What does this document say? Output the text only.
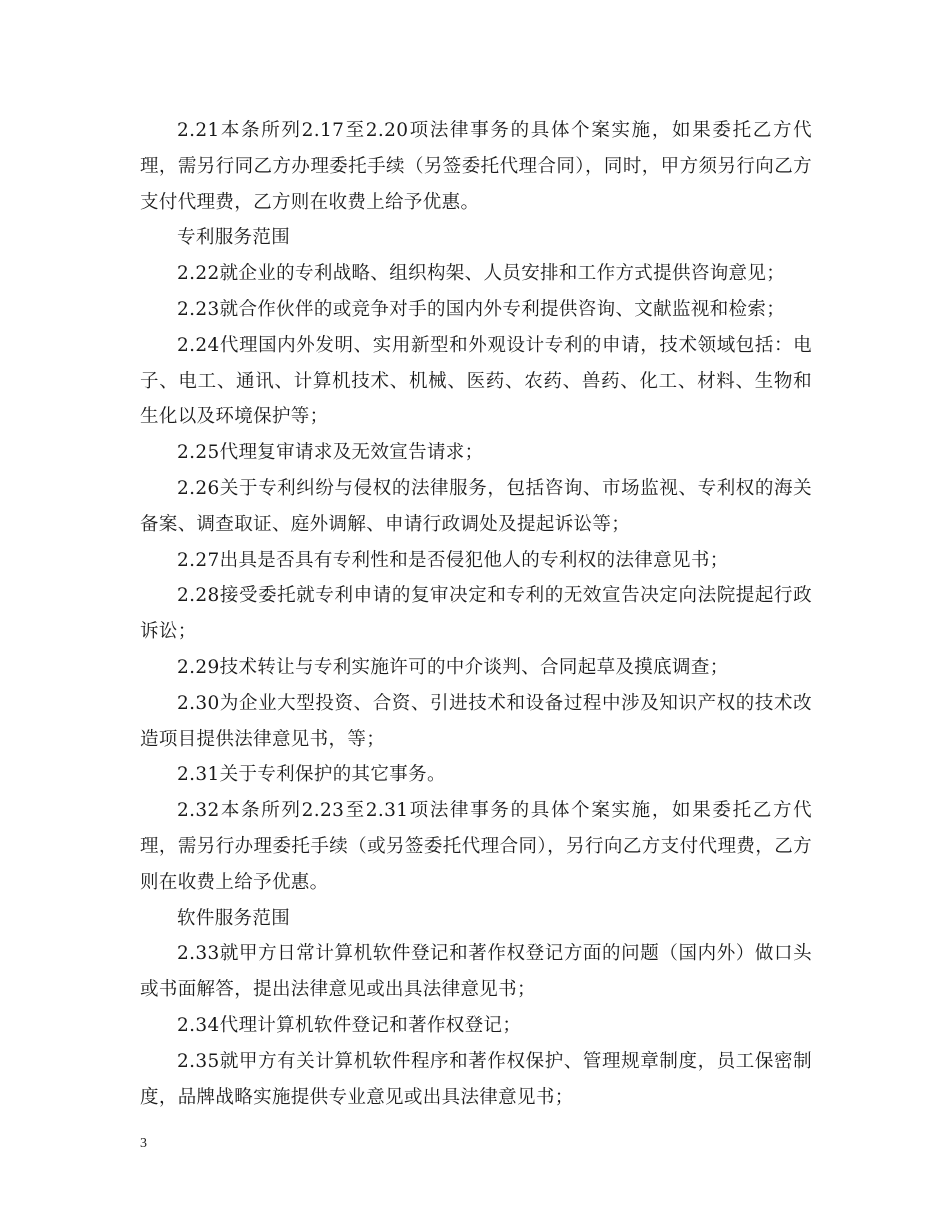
2.21本条所列2.17至2.20项法律事务的具体个案实施，如果委托乙方代理，需另行同乙方办理委托手续（另签委托代理合同），同时，甲方须另行向乙方支付代理费，乙方则在收费上给予优惠。

专利服务范围

2.22就企业的专利战略、组织构架、人员安排和工作方式提供咨询意见；

2.23就合作伙伴的或竞争对手的国内外专利提供咨询、文献监视和检索；

2.24代理国内外发明、实用新型和外观设计专利的申请，技术领域包括：电子、电工、通讯、计算机技术、机械、医药、农药、兽药、化工、材料、生物和生化以及环境保护等；

2.25代理复审请求及无效宣告请求；

2.26关于专利纠纷与侵权的法律服务，包括咨询、市场监视、专利权的海关备案、调查取证、庭外调解、申请行政调处及提起诉讼等；

2.27出具是否具有专利性和是否侵犯他人的专利权的法律意见书；

2.28接受委托就专利申请的复审决定和专利的无效宣告决定向法院提起行政诉讼；

2.29技术转让与专利实施许可的中介谈判、合同起草及摸底调查；

2.30为企业大型投资、合资、引进技术和设备过程中涉及知识产权的技术改造项目提供法律意见书，等；

2.31关于专利保护的其它事务。

2.32本条所列2.23至2.31项法律事务的具体个案实施，如果委托乙方代理，需另行办理委托手续（或另签委托代理合同），另行向乙方支付代理费，乙方则在收费上给予优惠。

软件服务范围

2.33就甲方日常计算机软件登记和著作权登记方面的问题（国内外）做口头或书面解答，提出法律意见或出具法律意见书；

2.34代理计算机软件登记和著作权登记；

2.35就甲方有关计算机软件程序和著作权保护、管理规章制度，员工保密制度，品牌战略实施提供专业意见或出具法律意见书；

3
